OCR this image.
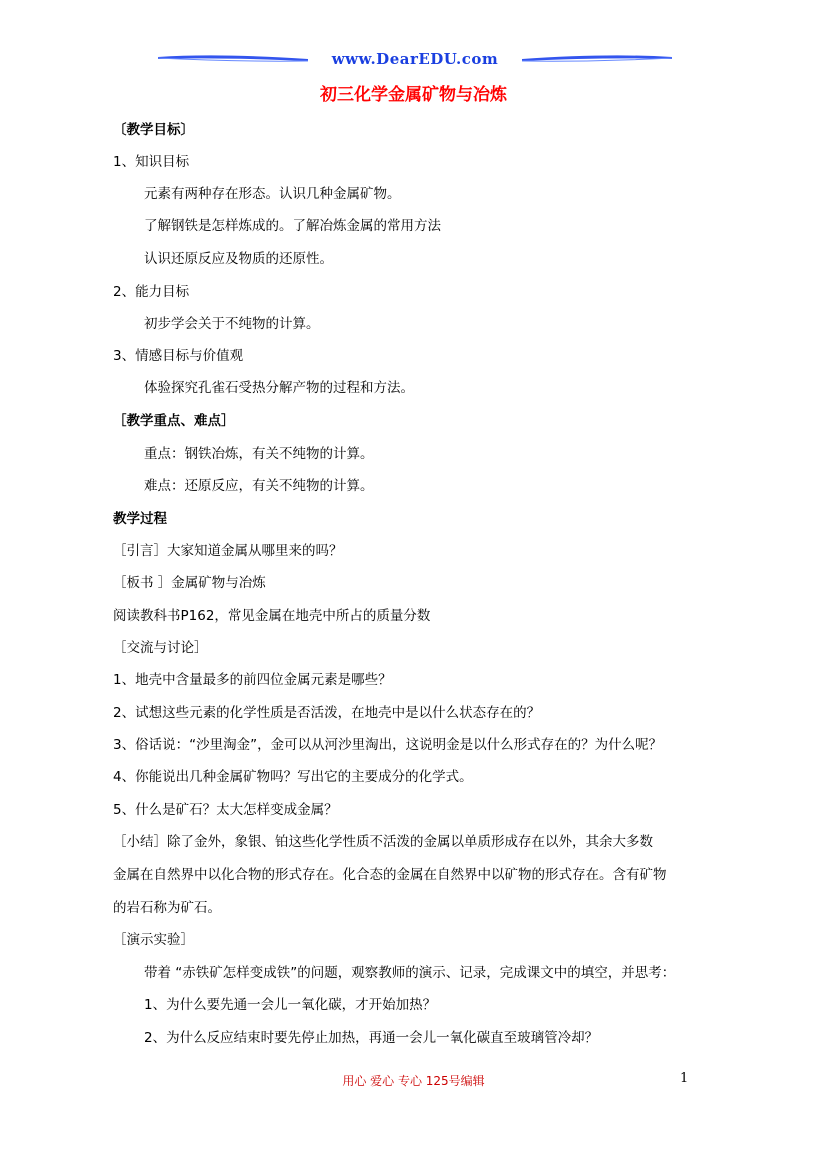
www.DearEDU.com
初三化学金属矿物与冶炼
〔教学目标〕
1、知识目标
元素有两种存在形态。认识几种金属矿物。
了解钢铁是怎样炼成的。了解冶炼金属的常用方法
认识还原反应及物质的还原性。
2、能力目标
初步学会关于不纯物的计算。
3、情感目标与价值观
体验探究孔雀石受热分解产物的过程和方法。
［教学重点、难点］
重点：钢铁冶炼，有关不纯物的计算。
难点：还原反应，有关不纯物的计算。
教学过程
［引言］大家知道金属从哪里来的吗？
［板书 ］金属矿物与冶炼
阅读教科书P162，常见金属在地壳中所占的质量分数
［交流与讨论］
1、地壳中含量最多的前四位金属元素是哪些？
2、试想这些元素的化学性质是否活泼，在地壳中是以什么状态存在的？
3、俗话说：“沙里淘金”，金可以从河沙里淘出，这说明金是以什么形式存在的？为什么呢？
4、你能说出几种金属矿物吗？写出它的主要成分的化学式。
5、什么是矿石？太大怎样变成金属？
［小结］除了金外，象银、铂这些化学性质不活泼的金属以单质形成存在以外，其余大多数
金属在自然界中以化合物的形式存在。化合态的金属在自然界中以矿物的形式存在。含有矿物
的岩石称为矿石。
［演示实验］
带着 “赤铁矿怎样变成铁”的问题，观察教师的演示、记录，完成课文中的填空，并思考：
1、为什么要先通一会儿一氧化碳，才开始加热？
2、为什么反应结束时要先停止加热，再通一会儿一氧化碳直至玻璃管冷却？
用心 爱心 专心 125号编辑	1
